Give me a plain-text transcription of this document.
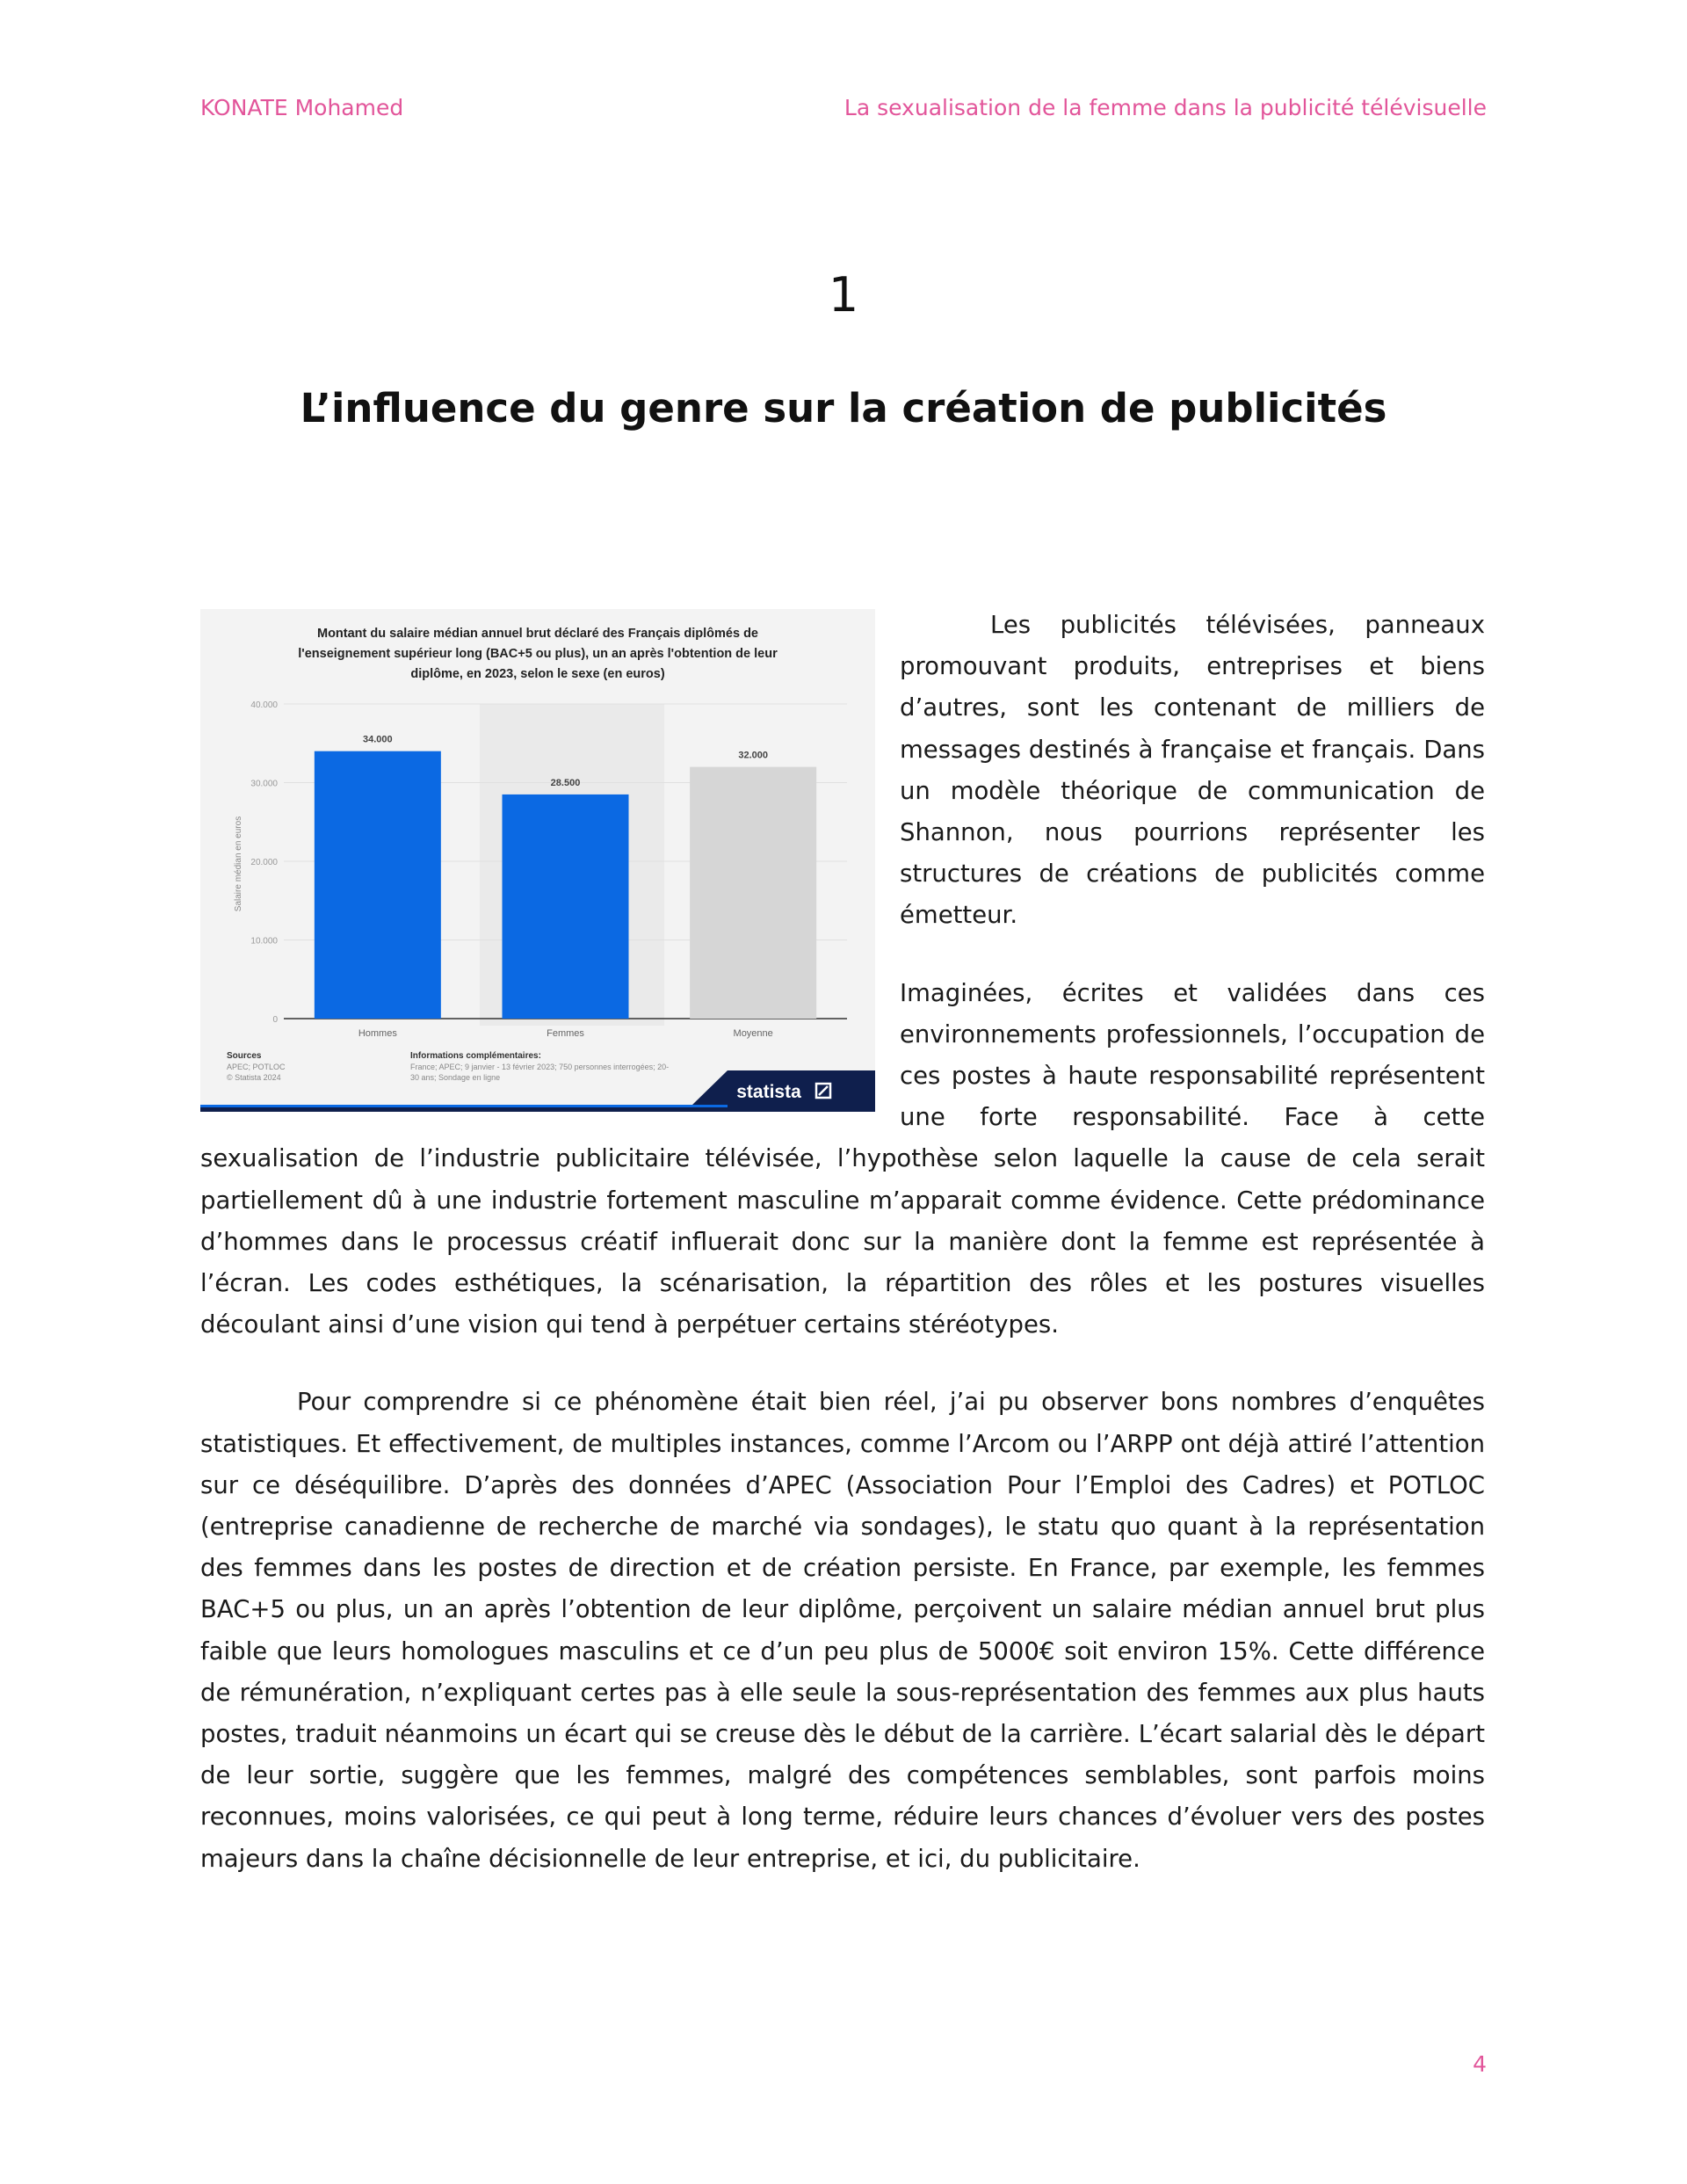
KONATE Mohamed	La sexualisation de la femme dans la publicité télévisuelle
1
L’influence du genre sur la création de publicités
Montant du salaire médian annuel brut déclaré des Français diplômés de
l'enseignement supérieur long (BAC+5 ou plus), un an après l'obtention de leur
diplôme, en 2023, selon le sexe (en euros)
0
10.000
20.000
30.000
40.000
34.000
Hommes
28.500
Femmes
32.000
Moyenne
Salaire médian en euros
Sources
APEC; POTLOC
© Statista 2024
Informations complémentaires:
France; APEC; 9 janvier - 13 février 2023; 750 personnes interrogées; 20-
30 ans; Sondage en ligne
statista

Les publicités télévisées, panneaux promouvant produits, entreprises et biens d’autres, sont les contenant de milliers de messages destinés à française et français. Dans un modèle théorique de communication de Shannon, nous pourrions représenter les structures de créations de publicités comme émetteur.

Imaginées, écrites et validées dans ces environnements professionnels, l’occupation de ces postes à haute responsabilité représentent une forte responsabilité. Face à cette sexualisation de l’industrie publicitaire télévisée, l’hypothèse selon laquelle la cause de cela serait partiellement dû à une industrie fortement masculine m’apparait comme évidence. Cette prédominance d’hommes dans le processus créatif influerait donc sur la manière dont la femme est représentée à l’écran. Les codes esthétiques, la scénarisation, la répartition des rôles et les postures visuelles découlant ainsi d’une vision qui tend à perpétuer certains stéréotypes.

Pour comprendre si ce phénomène était bien réel, j’ai pu observer bons nombres d’enquêtes statistiques. Et effectivement, de multiples instances, comme l’Arcom ou l’ARPP ont déjà attiré l’attention sur ce déséquilibre. D’après des données d’APEC (Association Pour l’Emploi des Cadres) et POTLOC (entreprise canadienne de recherche de marché via sondages), le statu quo quant à la représentation des femmes dans les postes de direction et de création persiste. En France, par exemple, les femmes BAC+5 ou plus, un an après l’obtention de leur diplôme, perçoivent un salaire médian annuel brut plus faible que leurs homologues masculins et ce d’un peu plus de 5000€ soit environ 15%. Cette différence de rémunération, n’expliquant certes pas à elle seule la sous-représentation des femmes aux plus hauts postes, traduit néanmoins un écart qui se creuse dès le début de la carrière. L’écart salarial dès le départ de leur sortie, suggère que les femmes, malgré des compétences semblables, sont parfois moins reconnues, moins valorisées, ce qui peut à long terme, réduire leurs chances d’évoluer vers des postes majeurs dans la chaîne décisionnelle de leur entreprise, et ici, du publicitaire.

4
